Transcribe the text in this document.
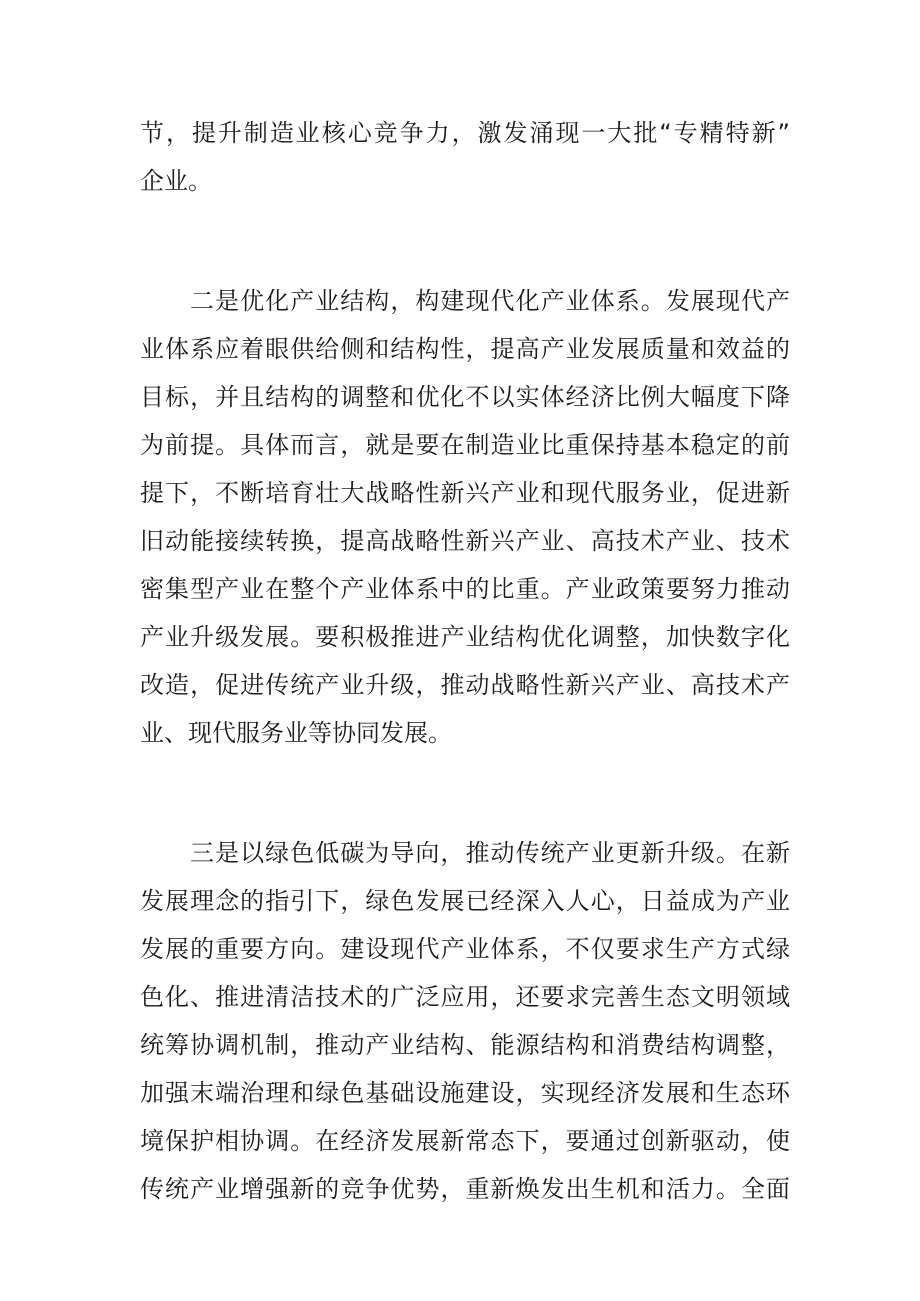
节，提升制造业核心竞争力，激发涌现一大批“专精特新”
企业。
二是优化产业结构，构建现代化产业体系。发展现代产
业体系应着眼供给侧和结构性，提高产业发展质量和效益的
目标，并且结构的调整和优化不以实体经济比例大幅度下降
为前提。具体而言，就是要在制造业比重保持基本稳定的前
提下，不断培育壮大战略性新兴产业和现代服务业，促进新
旧动能接续转换，提高战略性新兴产业、高技术产业、技术
密集型产业在整个产业体系中的比重。产业政策要努力推动
产业升级发展。要积极推进产业结构优化调整，加快数字化
改造，促进传统产业升级，推动战略性新兴产业、高技术产
业、现代服务业等协同发展。
三是以绿色低碳为导向，推动传统产业更新升级。在新
发展理念的指引下，绿色发展已经深入人心，日益成为产业
发展的重要方向。建设现代产业体系，不仅要求生产方式绿
色化、推进清洁技术的广泛应用，还要求完善生态文明领域
统筹协调机制，推动产业结构、能源结构和消费结构调整，
加强末端治理和绿色基础设施建设，实现经济发展和生态环
境保护相协调。在经济发展新常态下，要通过创新驱动，使
传统产业增强新的竞争优势，重新焕发出生机和活力。全面
